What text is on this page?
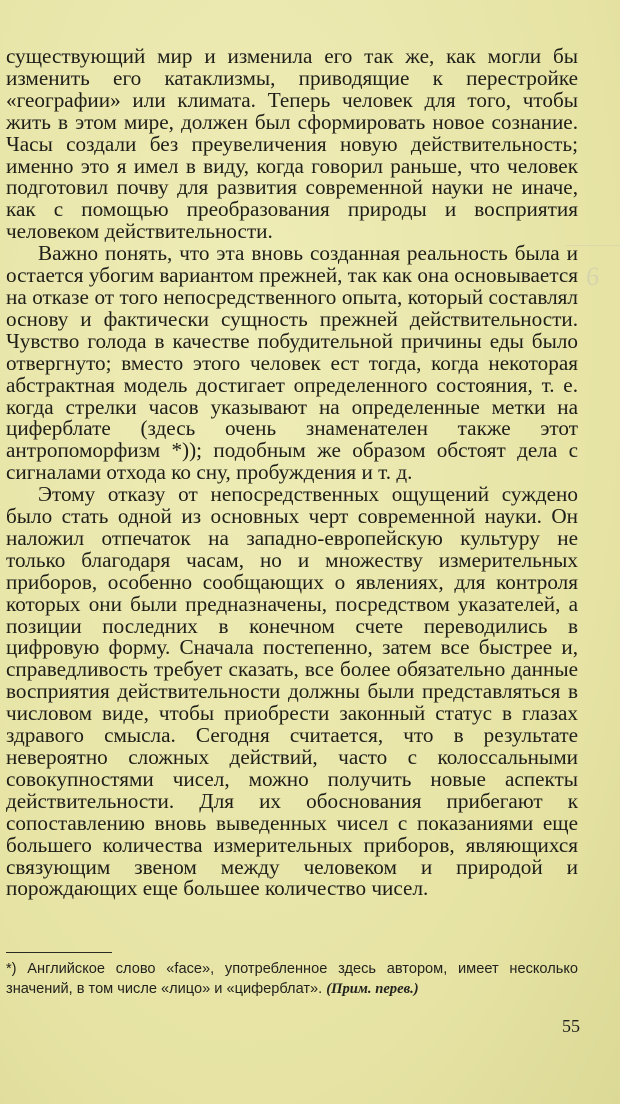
существующий мир и изменила его так же, как могли бы изменить его катаклизмы, приводящие к перестройке «географии» или климата. Теперь человек для того, чтобы жить в этом мире, должен был сформировать новое сознание. Часы создали без преувеличения новую действительность; именно это я имел в виду, когда говорил раньше, что человек подготовил почву для развития современной науки не иначе, как с помощью преобразования природы и восприятия человеком действительности.

Важно понять, что эта вновь созданная реальность была и остается убогим вариантом прежней, так как она основывается на отказе от того непосредственного опыта, который составлял основу и фактически сущность прежней действительности. Чувство голода в качестве побудительной причины еды было отвергнуто; вместо этого человек ест тогда, когда некоторая абстрактная модель достигает определенного состояния, т. е. когда стрелки часов указывают на определенные метки на циферблате (здесь очень знаменателен также этот антропоморфизм *)); подобным же образом обстоят дела с сигналами отхода ко сну, пробуждения и т. д.

Этому отказу от непосредственных ощущений суждено было стать одной из основных черт современной науки. Он наложил отпечаток на западно-европейскую культуру не только благодаря часам, но и множеству измерительных приборов, особенно сообщающих о явлениях, для контроля которых они были предназначены, посредством указателей, а позиции последних в конечном счете переводились в цифровую форму. Сначала постепенно, затем все быстрее и, справедливость требует сказать, все более обязательно данные восприятия действительности должны были представляться в числовом виде, чтобы приобрести законный статус в глазах здравого смысла. Сегодня считается, что в результате невероятно сложных действий, часто с колоссальными совокупностями чисел, можно получить новые аспекты действительности. Для их обоснования прибегают к сопоставлению вновь выведенных чисел с показаниями еще большего количества измерительных приборов, являющихся связующим звеном между человеком и природой и порождающих еще большее количество чисел.

6

*) Английское слово «face», употребленное здесь автором, имеет несколько значений, в том числе «лицо» и «циферблат». (Прим. перев.)

55
